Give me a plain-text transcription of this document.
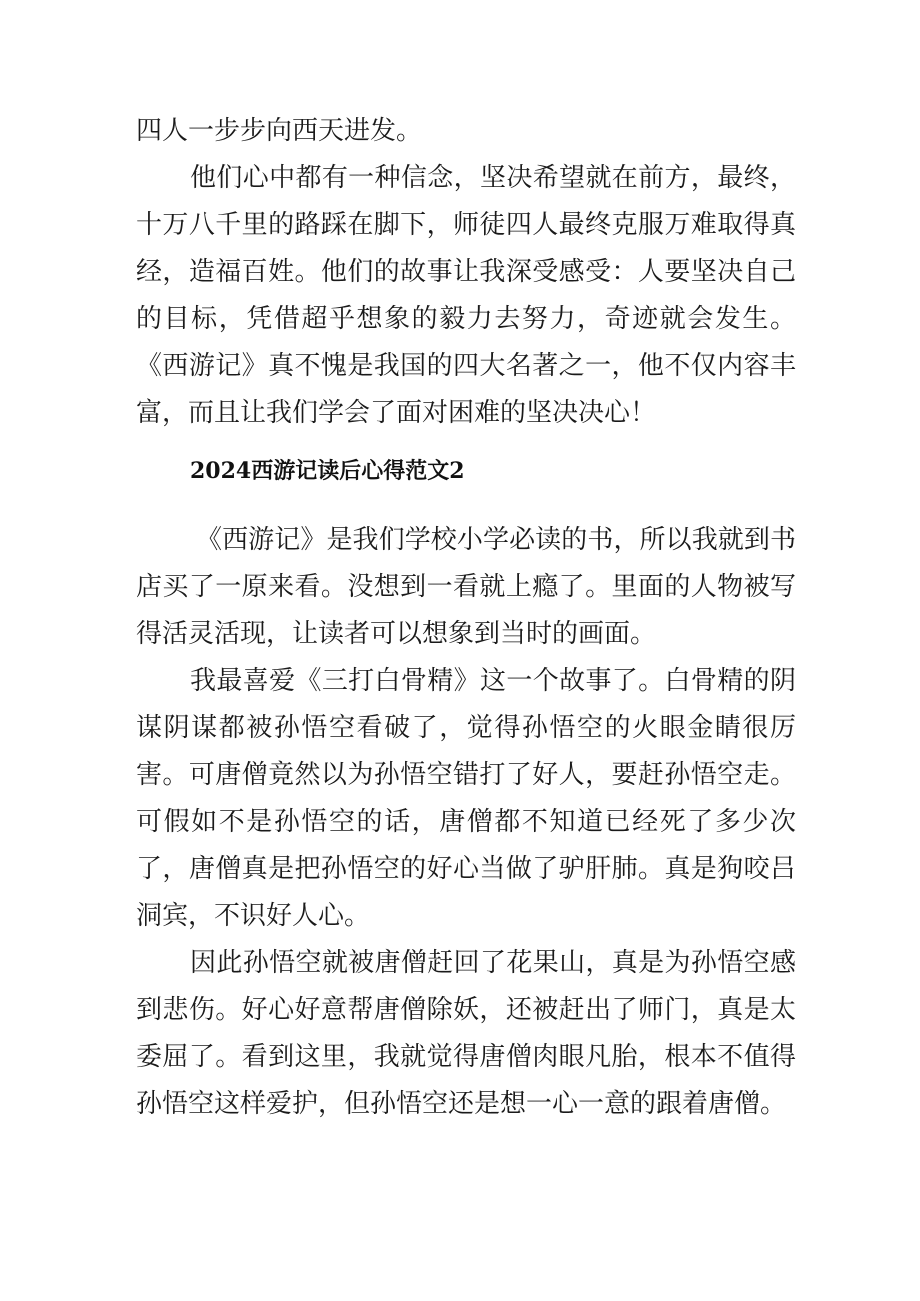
四人一步步向西天进发。

他们心中都有一种信念，坚决希望就在前方，最终，十万八千里的路踩在脚下，师徒四人最终克服万难取得真经，造福百姓。他们的故事让我深受感受：人要坚决自己的目标，凭借超乎想象的毅力去努力，奇迹就会发生。《西游记》真不愧是我国的四大名著之一，他不仅内容丰富，而且让我们学会了面对困难的坚决决心！

2024西游记读后心得范文2

《西游记》是我们学校小学必读的书，所以我就到书店买了一原来看。没想到一看就上瘾了。里面的人物被写得活灵活现，让读者可以想象到当时的画面。

我最喜爱《三打白骨精》这一个故事了。白骨精的阴谋阴谋都被孙悟空看破了，觉得孙悟空的火眼金睛很厉害。可唐僧竟然以为孙悟空错打了好人，要赶孙悟空走。可假如不是孙悟空的话，唐僧都不知道已经死了多少次了，唐僧真是把孙悟空的好心当做了驴肝肺。真是狗咬吕洞宾，不识好人心。

因此孙悟空就被唐僧赶回了花果山，真是为孙悟空感到悲伤。好心好意帮唐僧除妖，还被赶出了师门，真是太委屈了。看到这里，我就觉得唐僧肉眼凡胎，根本不值得孙悟空这样爱护，但孙悟空还是想一心一意的跟着唐僧。
